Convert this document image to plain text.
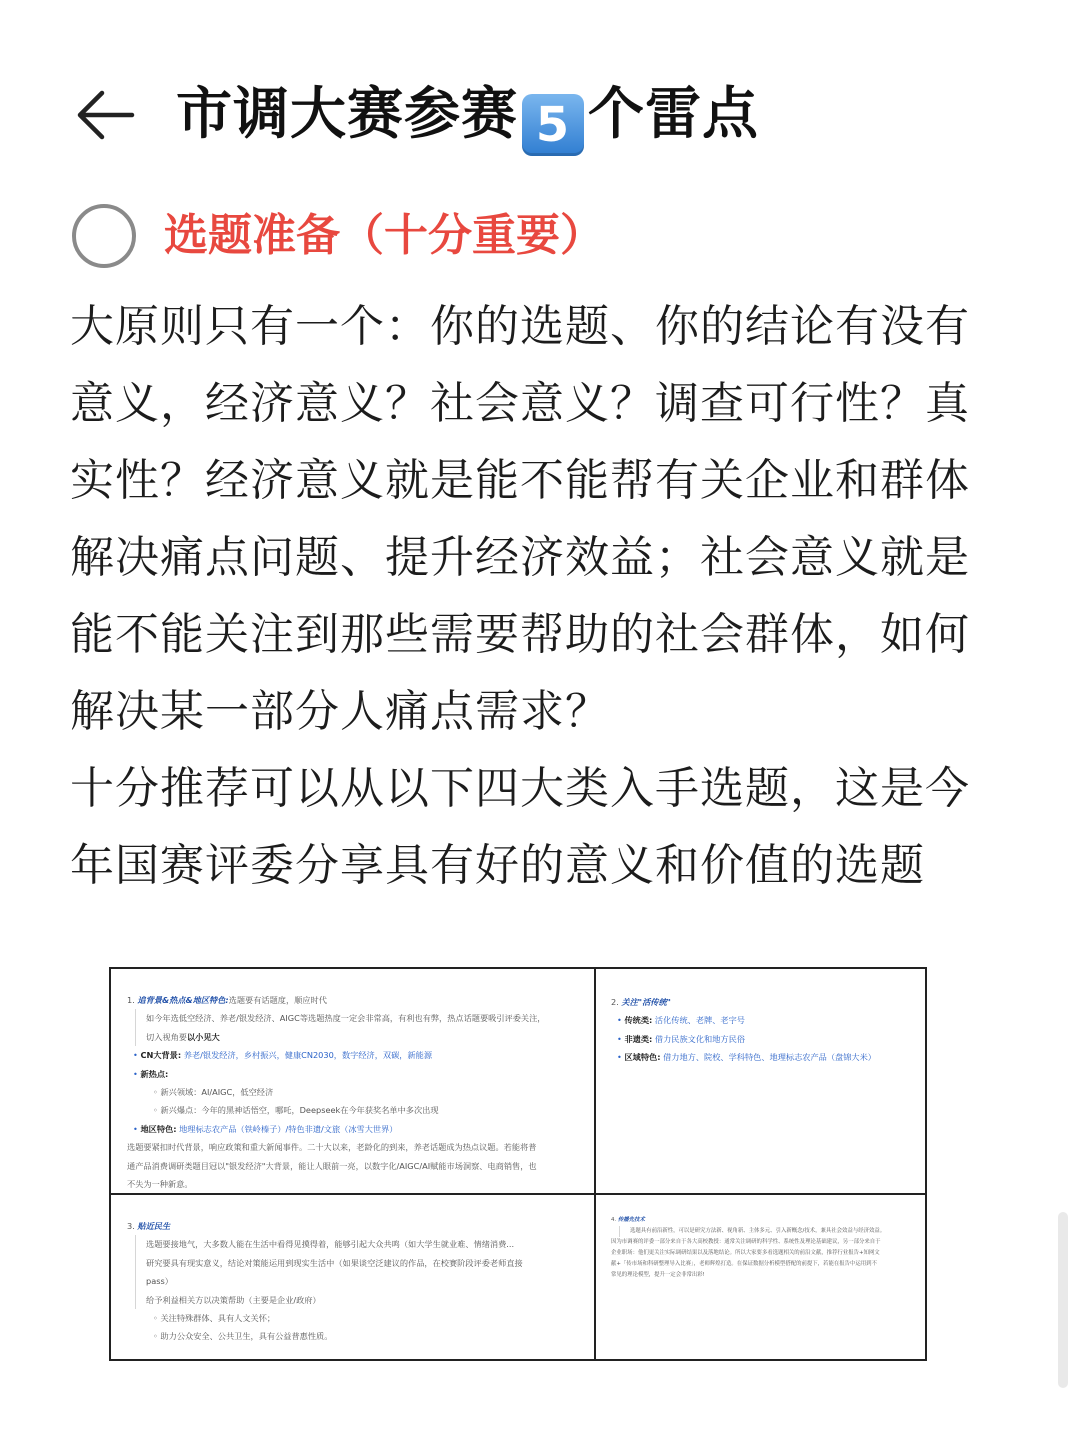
市调大赛参赛 5 个雷点
选题准备（十分重要）

大原则只有一个：你的选题、你的结论有没有意义，经济意义？社会意义？调查可行性？真实性？经济意义就是能不能帮有关企业和群体解决痛点问题、提升经济效益；社会意义就是能不能关注到那些需要帮助的社会群体，如何解决某一部分人痛点需求？

十分推荐可以从以下四大类入手选题，这是今年国赛评委分享具有好的意义和价值的选题

1. 追背景&热点&地区特色:选题要有话题度，顺应时代
如今年选低空经济、养老/银发经济、AIGC等选题热度一定会非常高，有利也有弊，热点话题要吸引评委关注，
切入视角要以小见大
• CN大背景: 养老/银发经济，乡村振兴，健康CN2030，数字经济，双碳，新能源
• 新热点:
◦ 新兴领域：AI/AIGC，低空经济
◦ 新兴爆点：今年的黑神话悟空，哪吒，Deepseek在今年获奖名单中多次出现
• 地区特色: 地理标志农产品（铁岭榛子）/特色非遗/文旅（冰雪大世界）
选题要紧扣时代背景，响应政策和重大新闻事件。二十大以来，老龄化的到来，养老话题成为热点议题。若能将普
通产品消费调研类题目冠以"银发经济"大背景，能让人眼前一亮，以数字化/AIGC/AI赋能市场洞察、电商销售，也
不失为一种新意。
2. 关注"活传统"
• 传统类: 活化传统、老牌、老字号
• 非遗类: 借力民族文化和地方民俗
• 区域特色: 借力地方、院校、学科特色、地理标志农产品（盘锦大米）
3. 贴近民生
选题要接地气，大多数人能在生活中看得见摸得着，能够引起大众共鸣（如大学生就业难、情绪消费...
研究要具有现实意义，结论对策能运用到现实生活中（如果谈空泛建议的作品，在校赛阶段评委老师直接
pass）
给予利益相关方以决策帮助（主要是企业/政府）
◦ 关注特殊群体、具有人文关怀；
◦ 助力公众安全、公共卫生，具有公益普惠性质。
4. 传播先技术
选题具有前沿新性，可以是研究方法新、视角新、主体多元、引入新概念/技术，兼具社会效益与经济效益。
因为市调赛的评委一部分来自于各大高校教授：通常关注调研的科学性、系统性及理论基础建议，另一部分来自于
企业职场：他们更关注实际调研结果以及落地结论。所以大家要多看选题相关的前沿文献，推荐行业报告+知网文
献+「传市场和科研整理导入比赛」，老师辉煌打造。在保证数据分析模型搭配的前提下，若能在报告中运用到不
常见的理论模型，提升一定会非常出彩!
